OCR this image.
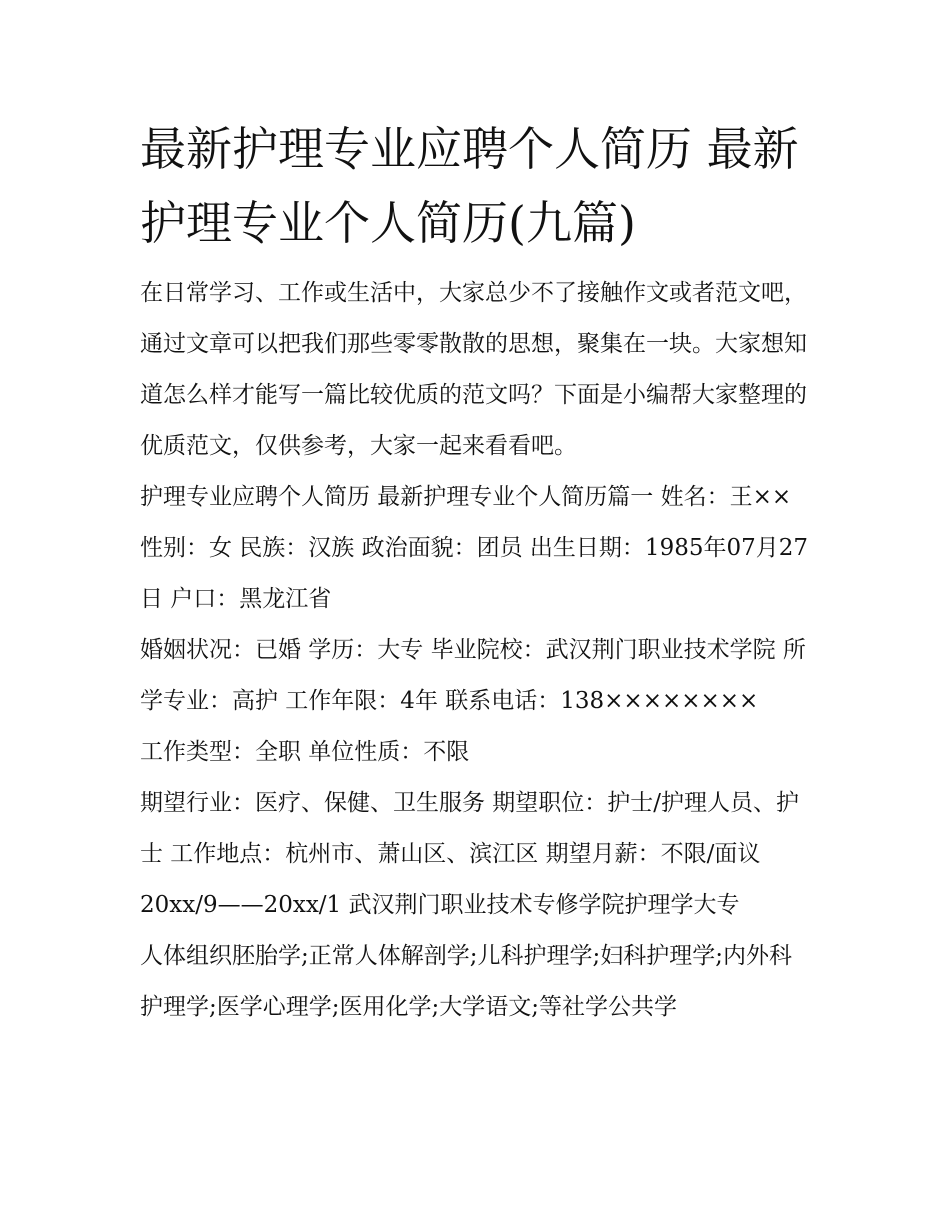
最新护理专业应聘个人简历 最新护理专业个人简历(九篇)

在日常学习、工作或生活中，大家总少不了接触作文或者范文吧，通过文章可以把我们那些零零散散的思想，聚集在一块。大家想知道怎么样才能写一篇比较优质的范文吗？下面是小编帮大家整理的优质范文，仅供参考，大家一起来看看吧。

护理专业应聘个人简历 最新护理专业个人简历篇一 姓名：王×× 性别：女 民族：汉族 政治面貌：团员 出生日期：1985年07月27日 户口：黑龙江省

婚姻状况：已婚 学历：大专 毕业院校：武汉荆门职业技术学院 所学专业：高护 工作年限：4年 联系电话：138××××××××

工作类型：全职 单位性质：不限

期望行业：医疗、保健、卫生服务 期望职位：护士/护理人员、护士 工作地点：杭州市、萧山区、滨江区 期望月薪：不限/面议

20xx/9——20xx/1 武汉荆门职业技术专修学院护理学大专

人体组织胚胎学;正常人体解剖学;儿科护理学;妇科护理学;内外科护理学;医学心理学;医用化学;大学语文;等社学公共学
